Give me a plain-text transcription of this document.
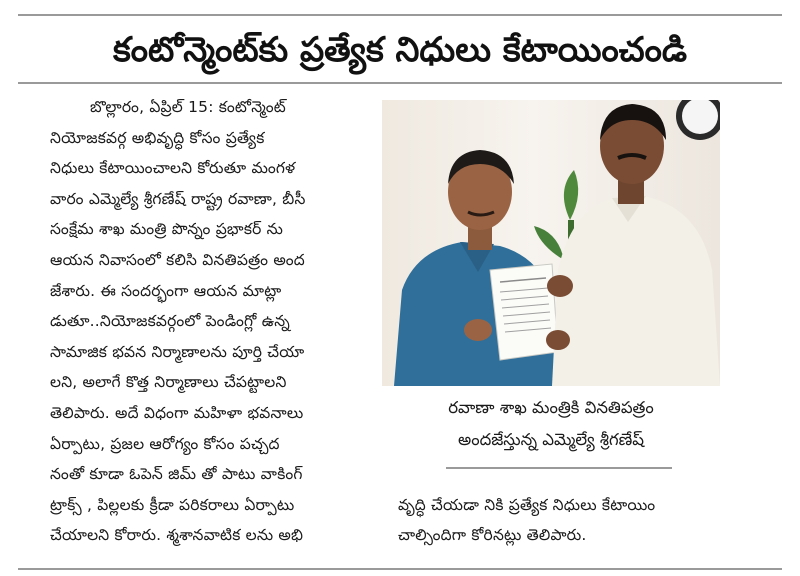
కంటోన్మెంట్‌కు ప్రత్యేక నిధులు కేటాయించండి
బొల్లారం, ఏప్రిల్ 15: కంటోన్మెంట్
నియోజకవర్గ అభివృద్ధి కోసం ప్రత్యేక
నిధులు కేటాయించాలని కోరుతూ మంగళ
వారం ఎమ్మెల్యే శ్రీగణేష్ రాష్ట్ర రవాణా, బీసీ
సంక్షేమ శాఖ మంత్రి పొన్నం ప్రభాకర్ ను
ఆయన నివాసంలో కలిసి వినతిపత్రం అంద
జేశారు. ఈ సందర్భంగా ఆయన మాట్లా
డుతూ..నియోజకవర్గంలో పెండింగ్లో ఉన్న
సామాజిక భవన నిర్మాణాలను పూర్తి చేయా
లని, అలాగే కొత్త నిర్మాణాలు చేపట్టాలని
తెలిపారు. అదే విధంగా మహిళా భవనాలు
ఏర్పాటు, ప్రజల ఆరోగ్యం కోసం పచ్చద
నంతో కూడా ఓపెన్ జిమ్ తో పాటు వాకింగ్
ట్రాక్స్ , పిల్లలకు క్రీడా పరికరాలు ఏర్పాటు
చేయాలని కోరారు. శ్మశానవాటిక లను అభి
రవాణా శాఖ మంత్రికి వినతిపత్రం
అందజేస్తున్న ఎమ్మెల్యే శ్రీగణేష్
వృద్ధి చేయడా నికి ప్రత్యేక నిధులు కేటాయిం
చాల్సిందిగా కోరినట్లు తెలిపారు.
